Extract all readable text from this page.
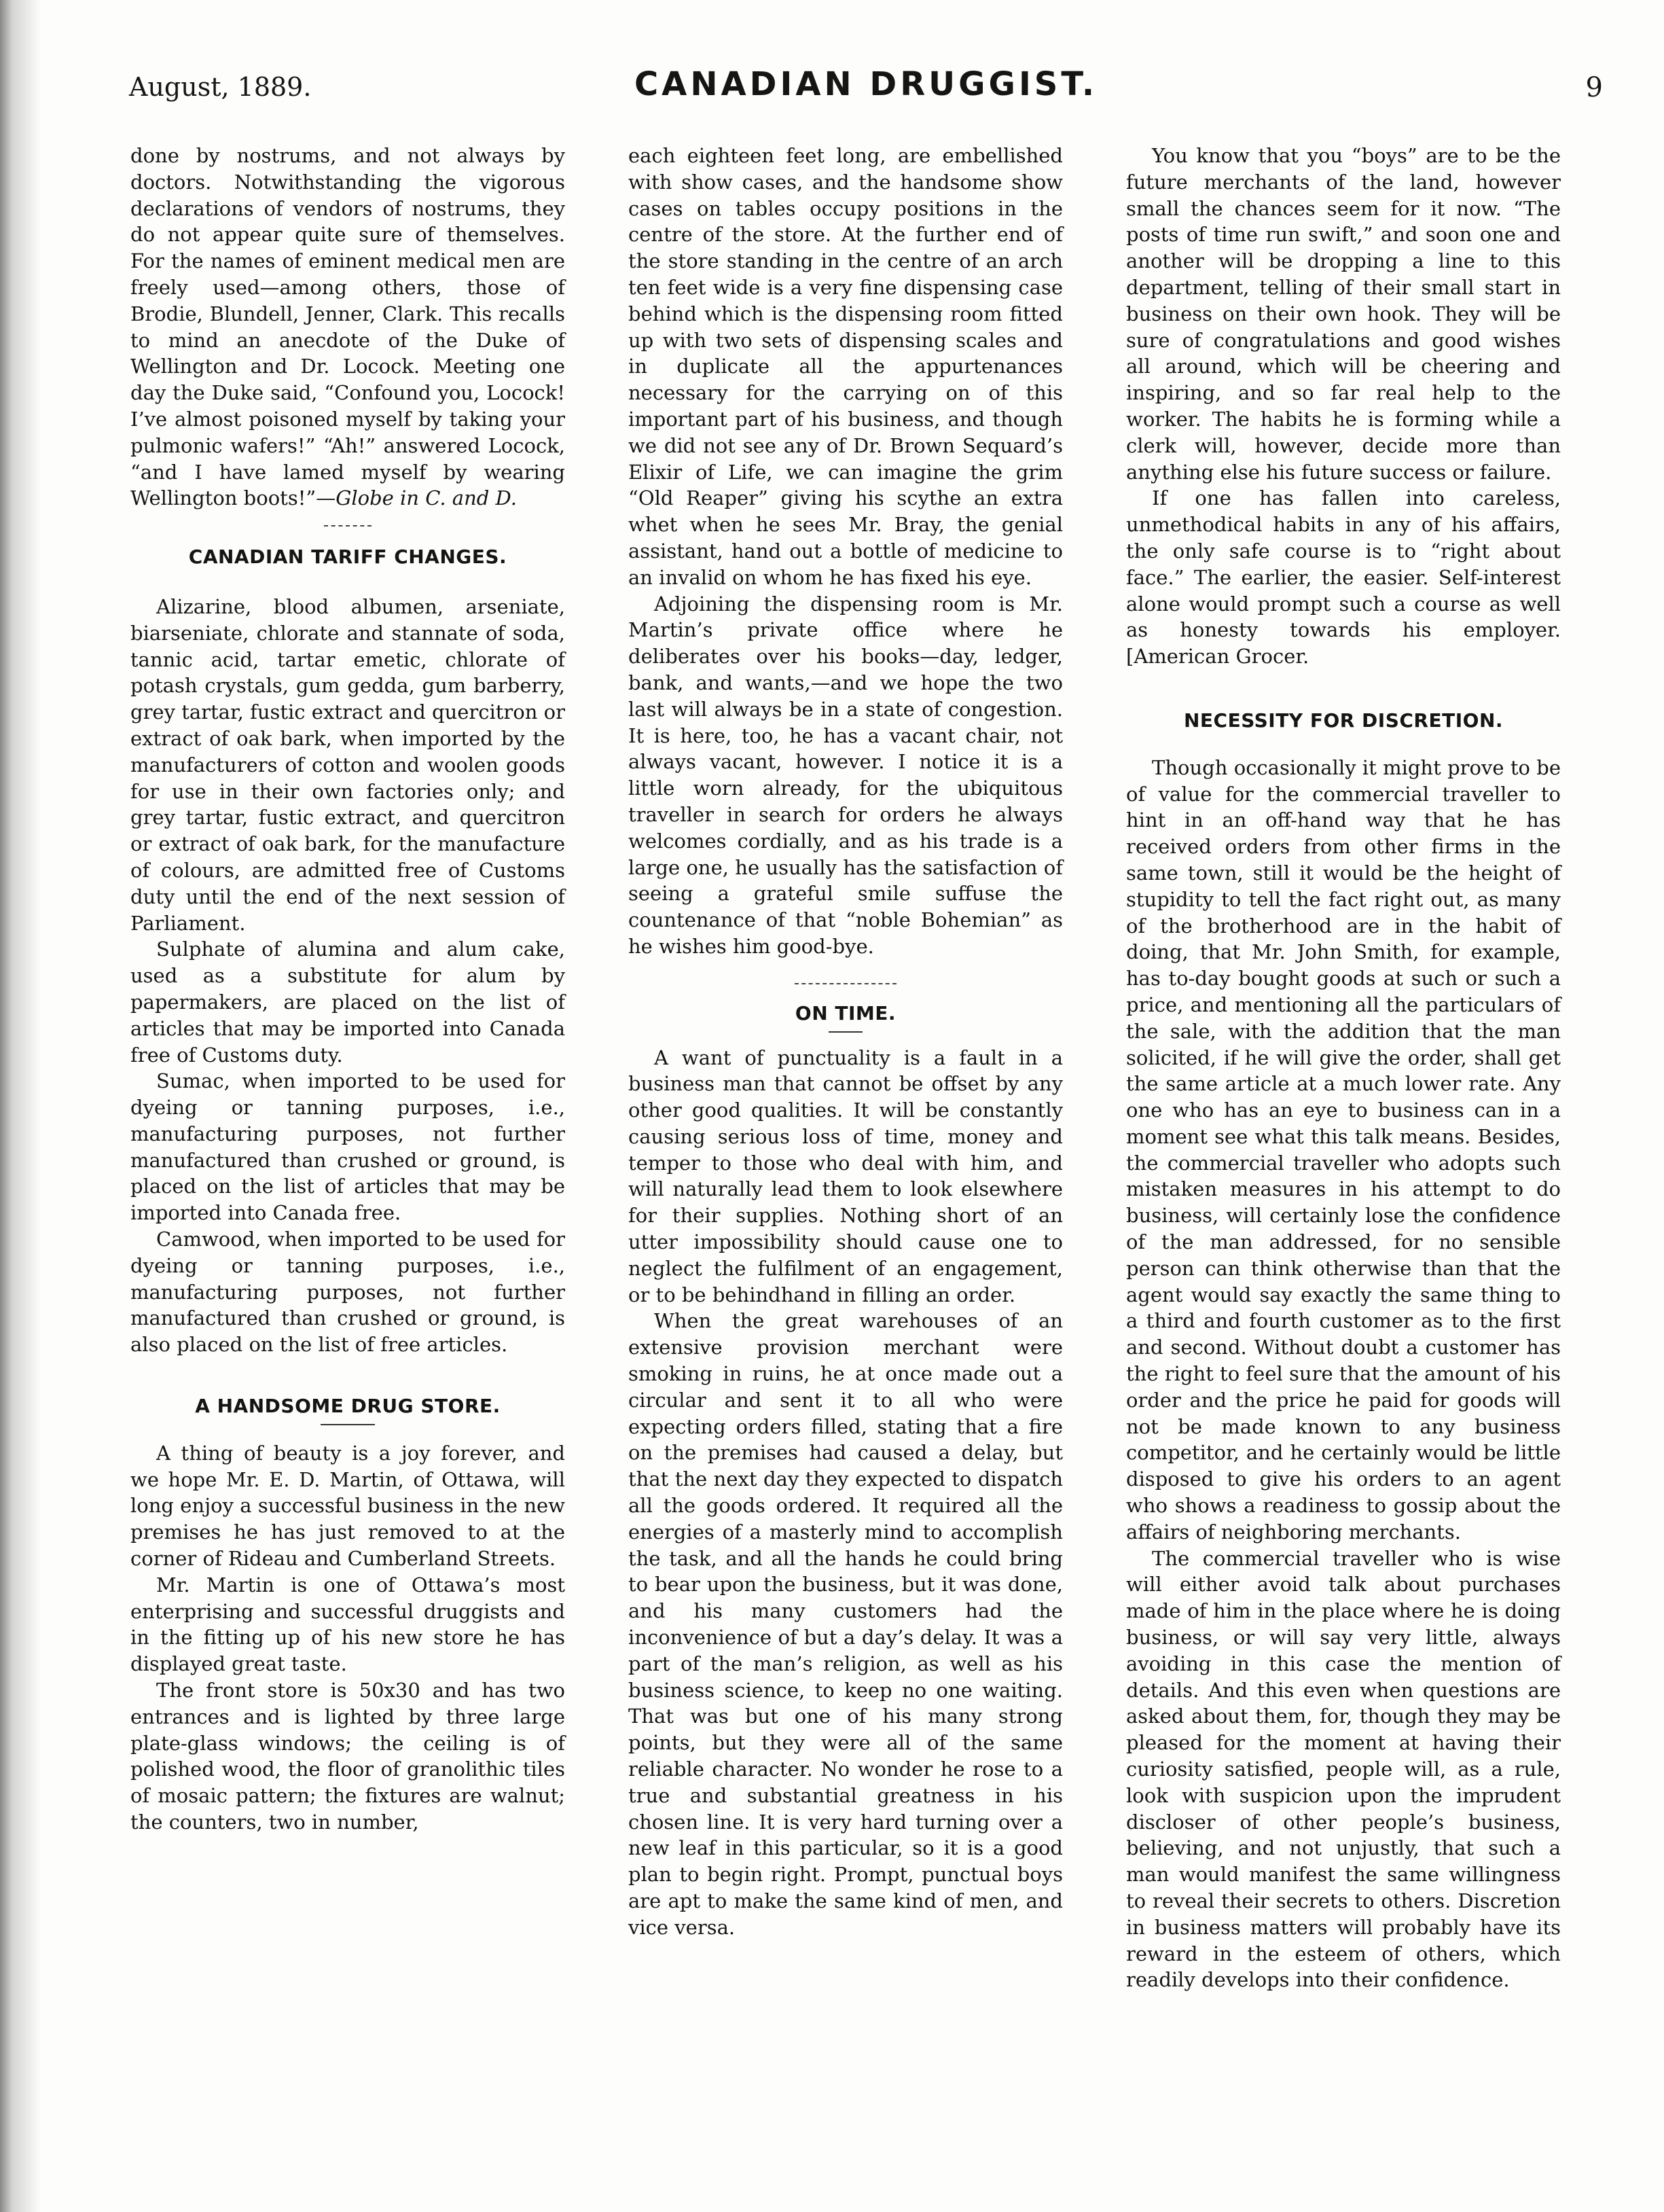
August, 1889.	CANADIAN DRUGGIST.	9

done by nostrums, and not always by doctors. Notwithstanding the vigorous declarations of vendors of nostrums, they do not appear quite sure of themselves. For the names of eminent medical men are freely used—among others, those of Brodie, Blundell, Jenner, Clark. This recalls to mind an anecdote of the Duke of Wellington and Dr. Locock. Meeting one day the Duke said, “Confound you, Locock! I’ve almost poisoned myself by taking your pulmonic wafers!” “Ah!” answered Locock, “and I have lamed myself by wearing Wellington boots!”—Globe in C. and D.

CANADIAN TARIFF CHANGES.

Alizarine, blood albumen, arseniate, biarseniate, chlorate and stannate of soda, tannic acid, tartar emetic, chlorate of potash crystals, gum gedda, gum barberry, grey tartar, fustic extract and quercitron or extract of oak bark, when imported by the manufacturers of cotton and woolen goods for use in their own factories only; and grey tartar, fustic extract, and quercitron or extract of oak bark, for the manufacture of colours, are admitted free of Customs duty until the end of the next session of Parliament.

Sulphate of alumina and alum cake, used as a substitute for alum by papermakers, are placed on the list of articles that may be imported into Canada free of Customs duty.

Sumac, when imported to be used for dyeing or tanning purposes, i.e., manufacturing purposes, not further manufactured than crushed or ground, is placed on the list of articles that may be imported into Canada free.

Camwood, when imported to be used for dyeing or tanning purposes, i.e., manufacturing purposes, not further manufactured than crushed or ground, is also placed on the list of free articles.

A HANDSOME DRUG STORE.

A thing of beauty is a joy forever, and we hope Mr. E. D. Martin, of Ottawa, will long enjoy a successful business in the new premises he has just removed to at the corner of Rideau and Cumberland Streets.

Mr. Martin is one of Ottawa’s most enterprising and successful druggists and in the fitting up of his new store he has displayed great taste.

The front store is 50x30 and has two entrances and is lighted by three large plate-glass windows; the ceiling is of polished wood, the floor of granolithic tiles of mosaic pattern; the fixtures are walnut; the counters, two in number,

each eighteen feet long, are embellished with show cases, and the handsome show cases on tables occupy positions in the centre of the store. At the further end of the store standing in the centre of an arch ten feet wide is a very fine dispensing case behind which is the dispensing room fitted up with two sets of dispensing scales and in duplicate all the appurtenances necessary for the carrying on of this important part of his business, and though we did not see any of Dr. Brown Sequard’s Elixir of Life, we can imagine the grim “Old Reaper” giving his scythe an extra whet when he sees Mr. Bray, the genial assistant, hand out a bottle of medicine to an invalid on whom he has fixed his eye.

Adjoining the dispensing room is Mr. Martin’s private office where he deliberates over his books—day, ledger, bank, and wants,—and we hope the two last will always be in a state of congestion. It is here, too, he has a vacant chair, not always vacant, however. I notice it is a little worn already, for the ubiquitous traveller in search for orders he always welcomes cordially, and as his trade is a large one, he usually has the satisfaction of seeing a grateful smile suffuse the countenance of that “noble Bohemian” as he wishes him good-bye.

ON TIME.

A want of punctuality is a fault in a business man that cannot be offset by any other good qualities. It will be constantly causing serious loss of time, money and temper to those who deal with him, and will naturally lead them to look elsewhere for their supplies. Nothing short of an utter impossibility should cause one to neglect the fulfilment of an engagement, or to be behindhand in filling an order.

When the great warehouses of an extensive provision merchant were smoking in ruins, he at once made out a circular and sent it to all who were expecting orders filled, stating that a fire on the premises had caused a delay, but that the next day they expected to dispatch all the goods ordered. It required all the energies of a masterly mind to accomplish the task, and all the hands he could bring to bear upon the business, but it was done, and his many customers had the inconvenience of but a day’s delay. It was a part of the man’s religion, as well as his business science, to keep no one waiting. That was but one of his many strong points, but they were all of the same reliable character. No wonder he rose to a true and substantial greatness in his chosen line. It is very hard turning over a new leaf in this particular, so it is a good plan to begin right. Prompt, punctual boys are apt to make the same kind of men, and vice versa.

You know that you “boys” are to be the future merchants of the land, however small the chances seem for it now. “The posts of time run swift,” and soon one and another will be dropping a line to this department, telling of their small start in business on their own hook. They will be sure of congratulations and good wishes all around, which will be cheering and inspiring, and so far real help to the worker. The habits he is forming while a clerk will, however, decide more than anything else his future success or failure.

If one has fallen into careless, unmethodical habits in any of his affairs, the only safe course is to “right about face.” The earlier, the easier. Self-interest alone would prompt such a course as well as honesty towards his employer. [American Grocer.

NECESSITY FOR DISCRETION.

Though occasionally it might prove to be of value for the commercial traveller to hint in an off-hand way that he has received orders from other firms in the same town, still it would be the height of stupidity to tell the fact right out, as many of the brotherhood are in the habit of doing, that Mr. John Smith, for example, has to-day bought goods at such or such a price, and mentioning all the particulars of the sale, with the addition that the man solicited, if he will give the order, shall get the same article at a much lower rate. Any one who has an eye to business can in a moment see what this talk means. Besides, the commercial traveller who adopts such mistaken measures in his attempt to do business, will certainly lose the confidence of the man addressed, for no sensible person can think otherwise than that the agent would say exactly the same thing to a third and fourth customer as to the first and second. Without doubt a customer has the right to feel sure that the amount of his order and the price he paid for goods will not be made known to any business competitor, and he certainly would be little disposed to give his orders to an agent who shows a readiness to gossip about the affairs of neighboring merchants.

The commercial traveller who is wise will either avoid talk about purchases made of him in the place where he is doing business, or will say very little, always avoiding in this case the mention of details. And this even when questions are asked about them, for, though they may be pleased for the moment at having their curiosity satisfied, people will, as a rule, look with suspicion upon the imprudent discloser of other people’s business, believing, and not unjustly, that such a man would manifest the same willingness to reveal their secrets to others. Discretion in business matters will probably have its reward in the esteem of others, which readily develops into their confidence.
